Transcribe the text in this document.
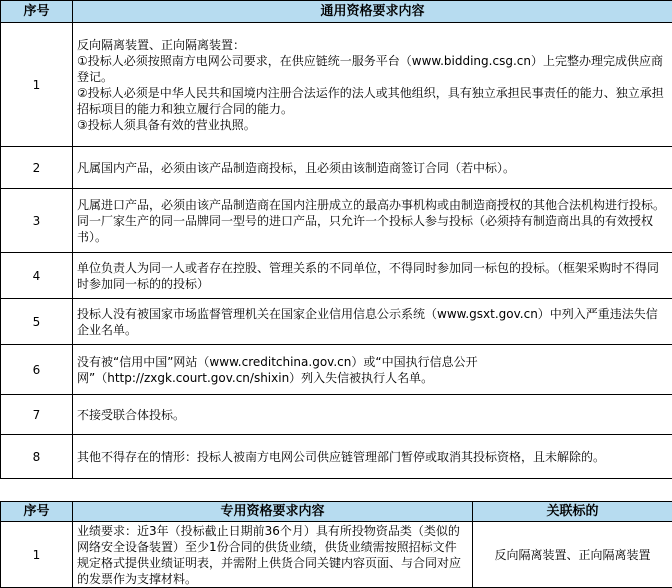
序号	通用资格要求内容
1	反向隔离装置、正向隔离装置：
①投标人必须按照南方电网公司要求，在供应链统一服务平台（www.bidding.csg.cn）上完整办理完成供应商登记。
②投标人必须是中华人民共和国境内注册合法运作的法人或其他组织，具有独立承担民事责任的能力、独立承担招标项目的能力和独立履行合同的能力。
③投标人须具备有效的营业执照。

2	凡属国内产品，必须由该产品制造商投标，且必须由该制造商签订合同（若中标）。
3	凡属进口产品，必须由该产品制造商在国内注册成立的最高办事机构或由制造商授权的其他合法机构进行投标。同一厂家生产的同一品牌同一型号的进口产品，只允许一个投标人参与投标（必须持有制造商出具的有效授权书）。
4	单位负责人为同一人或者存在控股、管理关系的不同单位，不得同时参加同一标包的投标。（框架采购时不得同时参加同一标的的投标）
5	投标人没有被国家市场监督管理机关在国家企业信用信息公示系统（www.gsxt.gov.cn）中列入严重违法失信企业名单。
6	没有被“信用中国”网站（www.creditchina.gov.cn）或“中国执行信息公开网”（http://zxgk.court.gov.cn/shixin）列入失信被执行人名单。
7	不接受联合体投标。
8	其他不得存在的情形：投标人被南方电网公司供应链管理部门暂停或取消其投标资格，且未解除的。
序号	专用资格要求内容	关联标的
1	业绩要求：近3年（投标截止日期前36个月）具有所投物资品类（类似的网络安全设备装置）至少1份合同的供货业绩，供货业绩需按照招标文件规定格式提供业绩证明表，并需附上供货合同关键内容页面、与合同对应的发票作为支撑材料。	反向隔离装置、正向隔离装置
